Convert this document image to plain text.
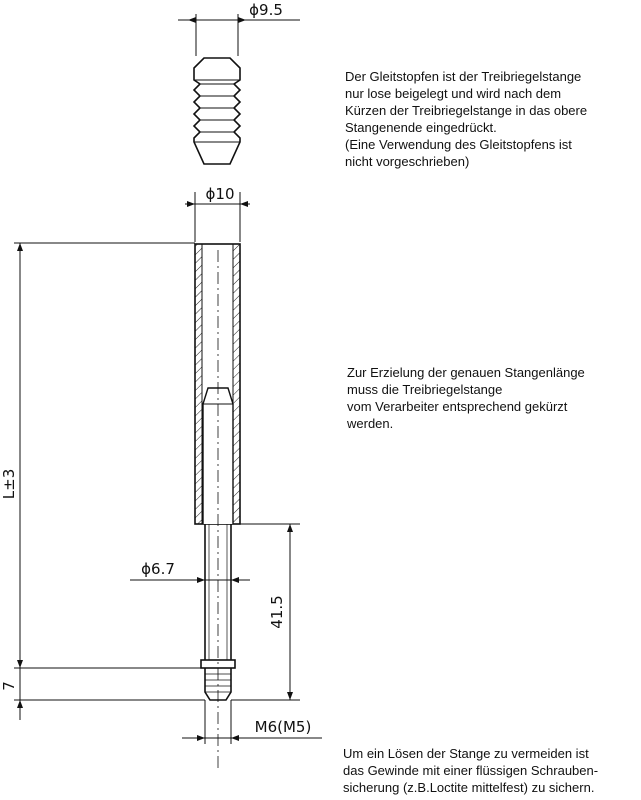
ϕ9.5
ϕ10
ϕ6.7
L±3
7
41.5
M6(M5)
Der Gleitstopfen ist der Treibriegelstange
nur lose beigelegt und wird nach dem
Kürzen der Treibriegelstange in das obere
Stangenende eingedrückt.
(Eine Verwendung des Gleitstopfens ist
nicht vorgeschrieben)
Zur Erzielung der genauen Stangenlänge
muss die Treibriegelstange
vom Verarbeiter entsprechend gekürzt
werden.
Um ein Lösen der Stange zu vermeiden ist
das Gewinde mit einer flüssigen Schrauben-
sicherung (z.B.Loctite mittelfest) zu sichern.
